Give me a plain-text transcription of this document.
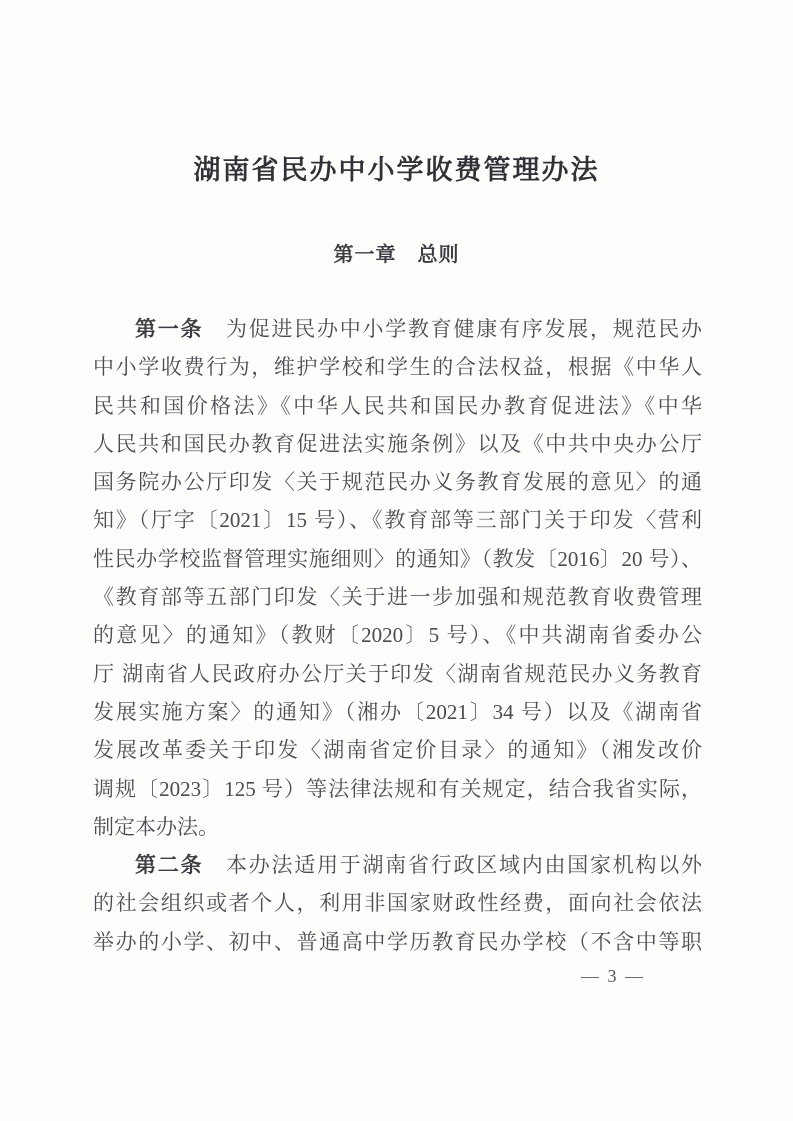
湖南省民办中小学收费管理办法
第一章　总则
第一条　为促进民办中小学教育健康有序发展，规范民办
中小学收费行为，维护学校和学生的合法权益，根据《中华人
民共和国价格法》《中华人民共和国民办教育促进法》《中华
人民共和国民办教育促进法实施条例》以及《中共中央办公厅
国务院办公厅印发〈关于规范民办义务教育发展的意见〉的通
知》（厅字〔2021〕15 号）、《教育部等三部门关于印发〈营利
性民办学校监督管理实施细则〉的通知》（教发〔2016〕20 号）、
《教育部等五部门印发〈关于进一步加强和规范教育收费管理
的意见〉的通知》（教财〔2020〕5 号）、《中共湖南省委办公
厅 湖南省人民政府办公厅关于印发〈湖南省规范民办义务教育
发展实施方案〉的通知》（湘办〔2021〕34 号）以及《湖南省
发展改革委关于印发〈湖南省定价目录〉的通知》（湘发改价
调规〔2023〕125 号）等法律法规和有关规定，结合我省实际，
制定本办法。
第二条　本办法适用于湖南省行政区域内由国家机构以外
的社会组织或者个人，利用非国家财政性经费，面向社会依法
举办的小学、初中、普通高中学历教育民办学校（不含中等职
— 3 —
